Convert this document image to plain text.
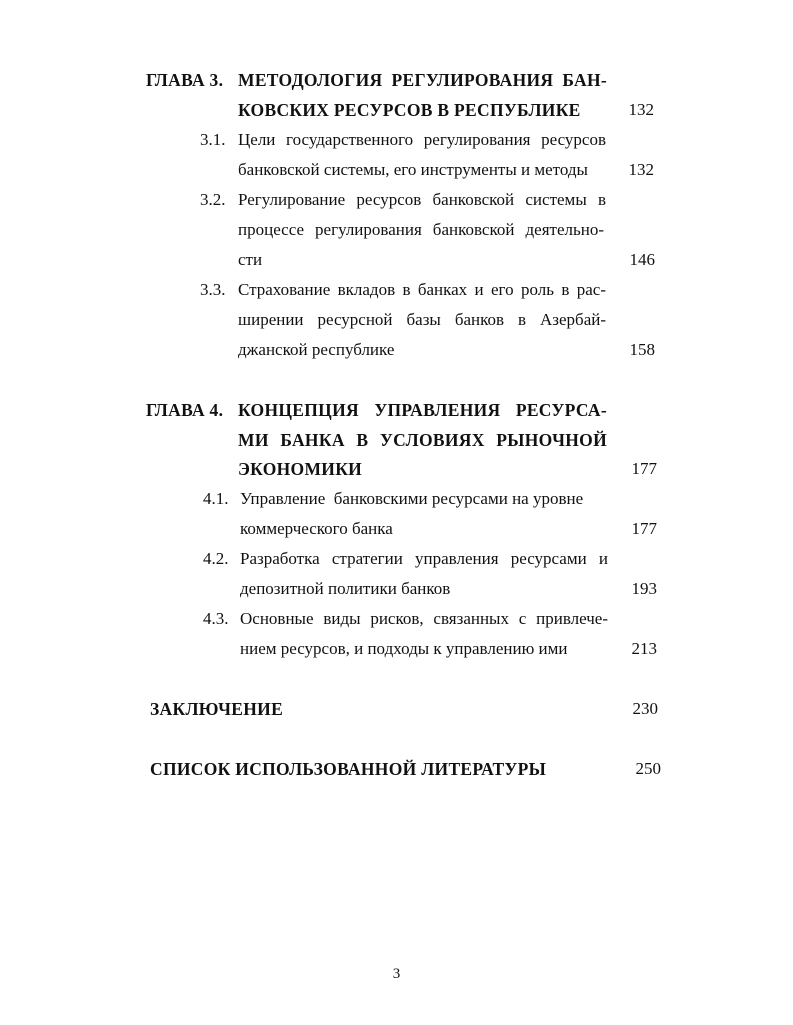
ГЛАВА 3. МЕТОДОЛОГИЯ РЕГУЛИРОВАНИЯ БАН-
КОВСКИХ РЕСУРСОВ В РЕСПУБЛИКЕ	132
3.1. Цели государственного регулирования ресурсов
банковской системы, его инструменты и методы	132
3.2. Регулирование ресурсов банковской системы в
процессе регулирования банковской деятельно-
сти	146
3.3. Страхование вкладов в банках и его роль в рас-
ширении ресурсной базы банков в Азербай-
джанской республике	158
ГЛАВА 4. КОНЦЕПЦИЯ УПРАВЛЕНИЯ РЕСУРСА-
МИ БАНКА В УСЛОВИЯХ РЫНОЧНОЙ
ЭКОНОМИКИ	177
4.1. Управление  банковскими ресурсами на уровне
коммерческого банка	177
4.2. Разработка стратегии управления ресурсами и
депозитной политики банков	193
4.3. Основные виды рисков, связанных с привлече-
нием ресурсов, и подходы к управлению ими	213
ЗАКЛЮЧЕНИЕ	230
СПИСОК ИСПОЛЬЗОВАННОЙ ЛИТЕРАТУРЫ	250
3
